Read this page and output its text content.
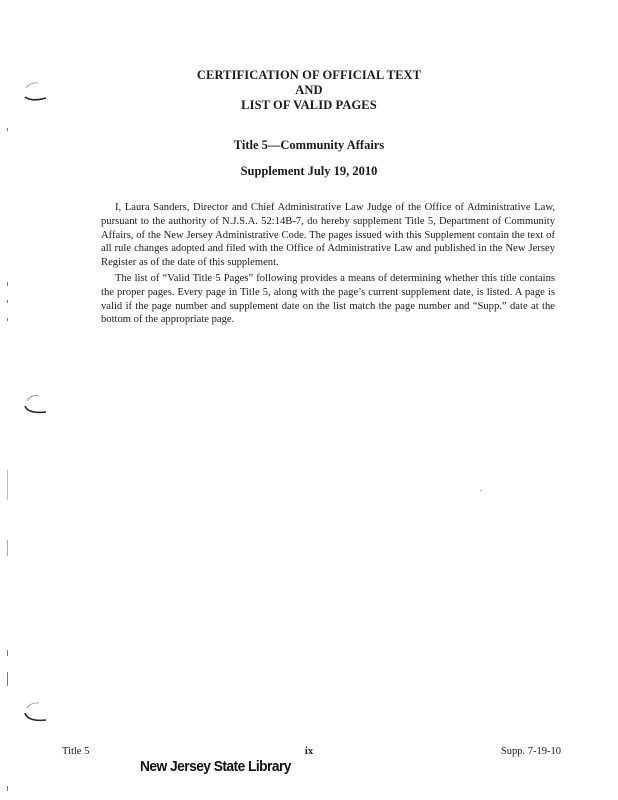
CERTIFICATION OF OFFICIAL TEXT
AND
LIST OF VALID PAGES
Title 5—Community Affairs
Supplement July 19, 2010
I, Laura Sanders, Director and Chief Administrative Law Judge of the Office of Administrative Law, pursuant to the authority of N.J.S.A. 52:14B-7, do hereby supplement Title 5, Department of Community Affairs, of the New Jersey Administrative Code. The pages issued with this Supplement contain the text of all rule changes adopted and filed with the Office of Administrative Law and published in the New Jersey Register as of the date of this supplement.
The list of “Valid Title 5 Pages” following provides a means of determining whether this title contains the proper pages. Every page in Title 5, along with the page’s current supplement date, is listed. A page is valid if the page number and supplement date on the list match the page number and “Supp.” date at the bottom of the appropriate page.
Title 5	ix	Supp. 7-19-10
New Jersey State Library
